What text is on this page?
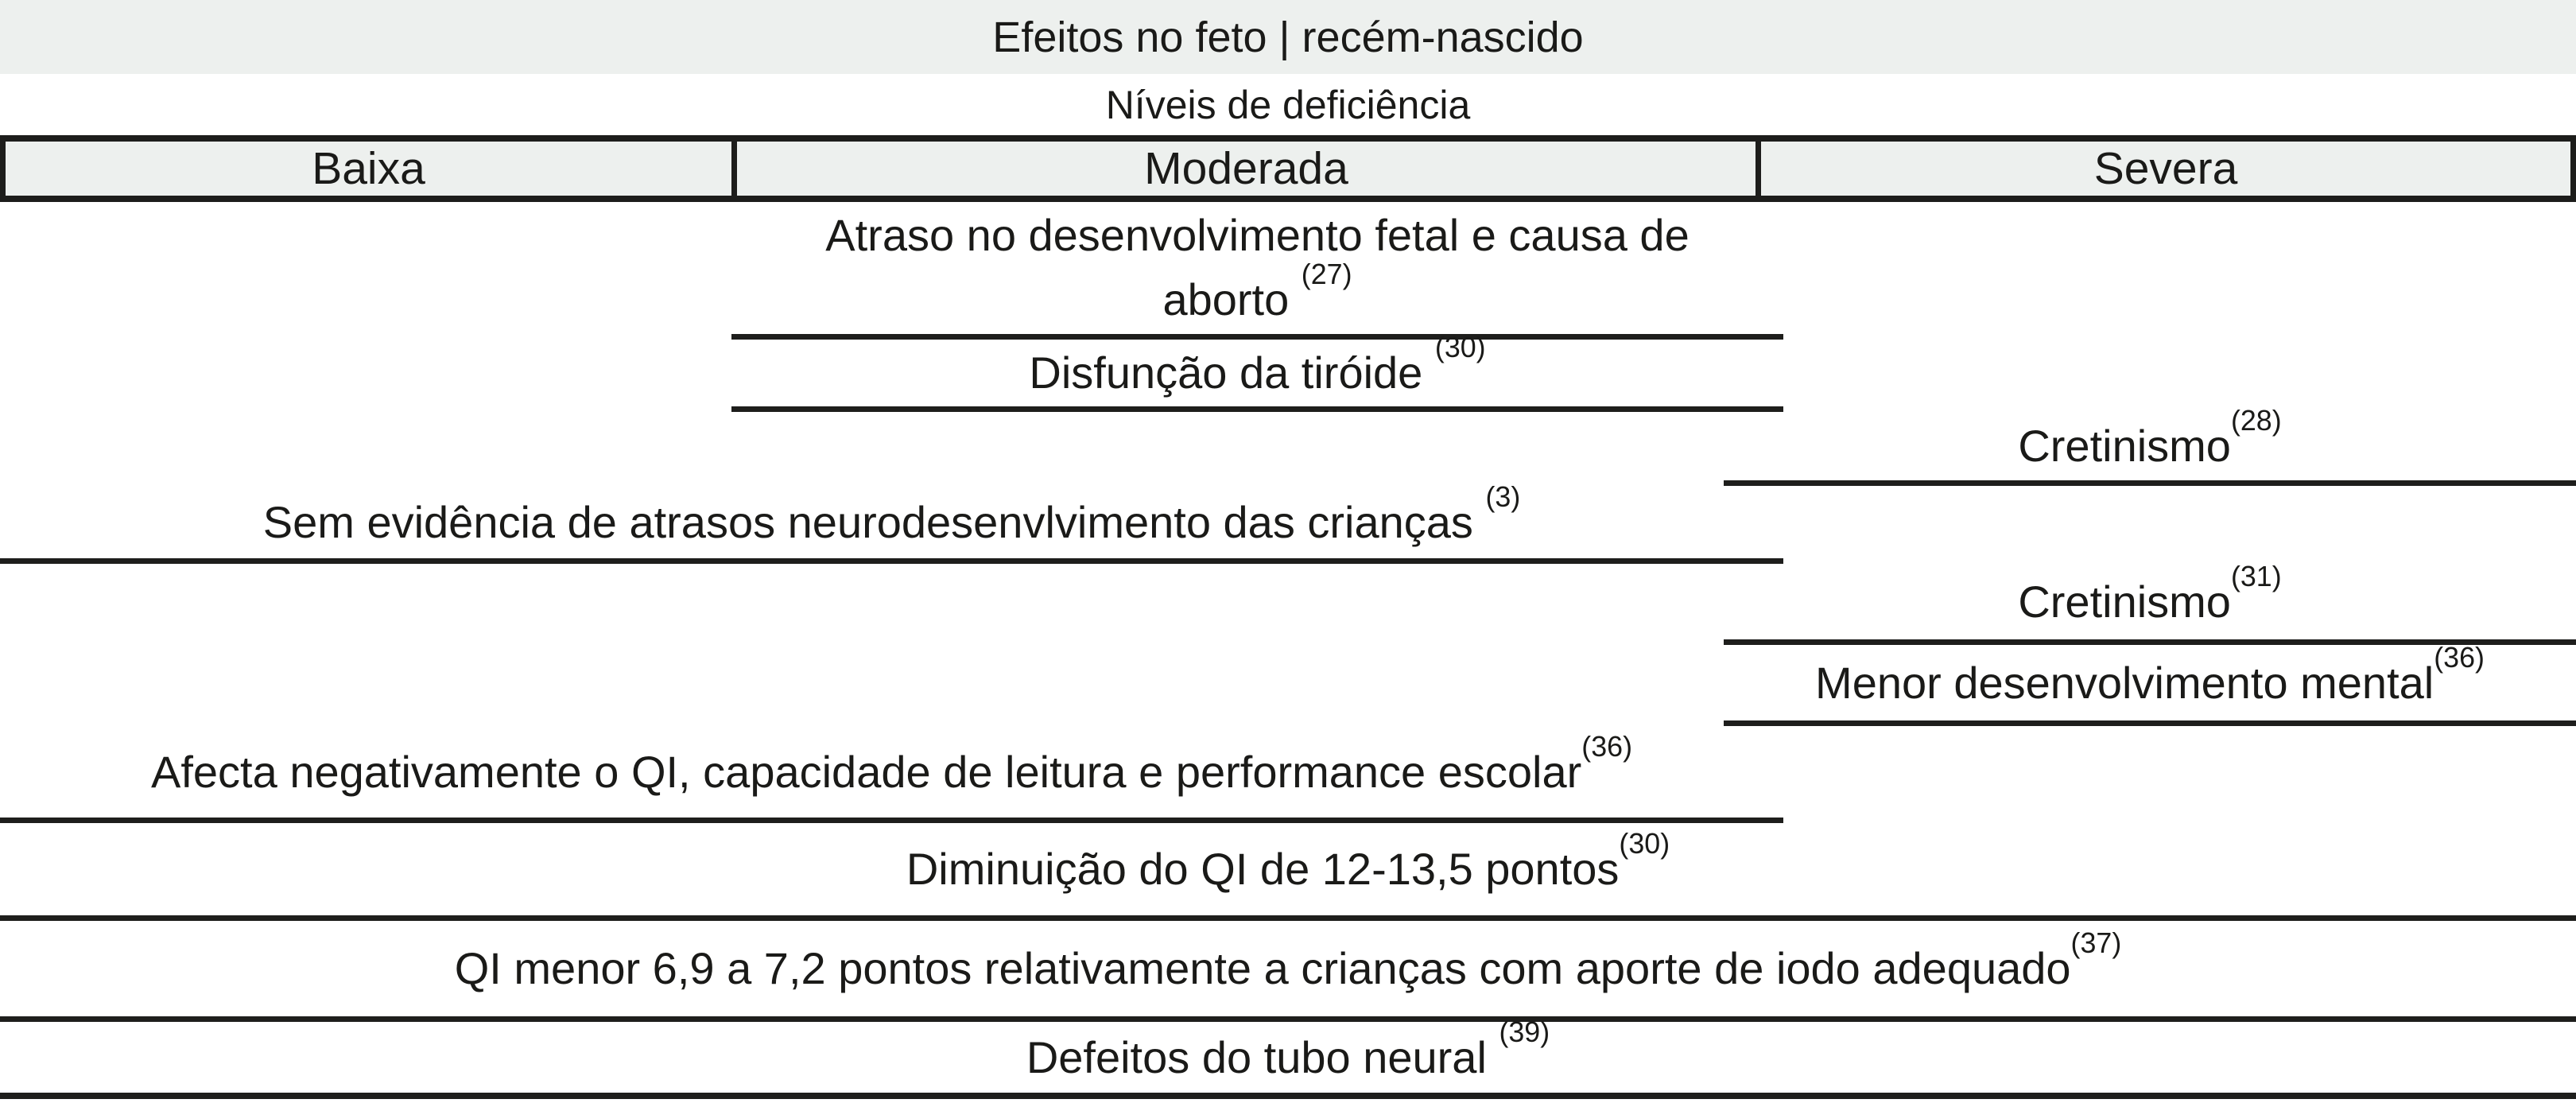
Efeitos no feto | recém-nascido
Níveis de deficiência
Baixa	Moderada	Severa
Atraso no desenvolvimento fetal e causa de
aborto $^{(27)}$
Disfunção da tiróide $^{(30)}$
Cretinismo$^{(28)}$
Sem evidência de atrasos neurodesenvlvimento das crianças $^{(3)}$
Cretinismo$^{(31)}$
Menor desenvolvimento mental$^{(36)}$
Afecta negativamente o QI, capacidade de leitura e performance escolar$^{(36)}$
Diminuição do QI de 12-13,5 pontos$^{(30)}$
QI menor 6,9 a 7,2 pontos relativamente a crianças com aporte de iodo adequado$^{(37)}$
Defeitos do tubo neural $^{(39)}$
